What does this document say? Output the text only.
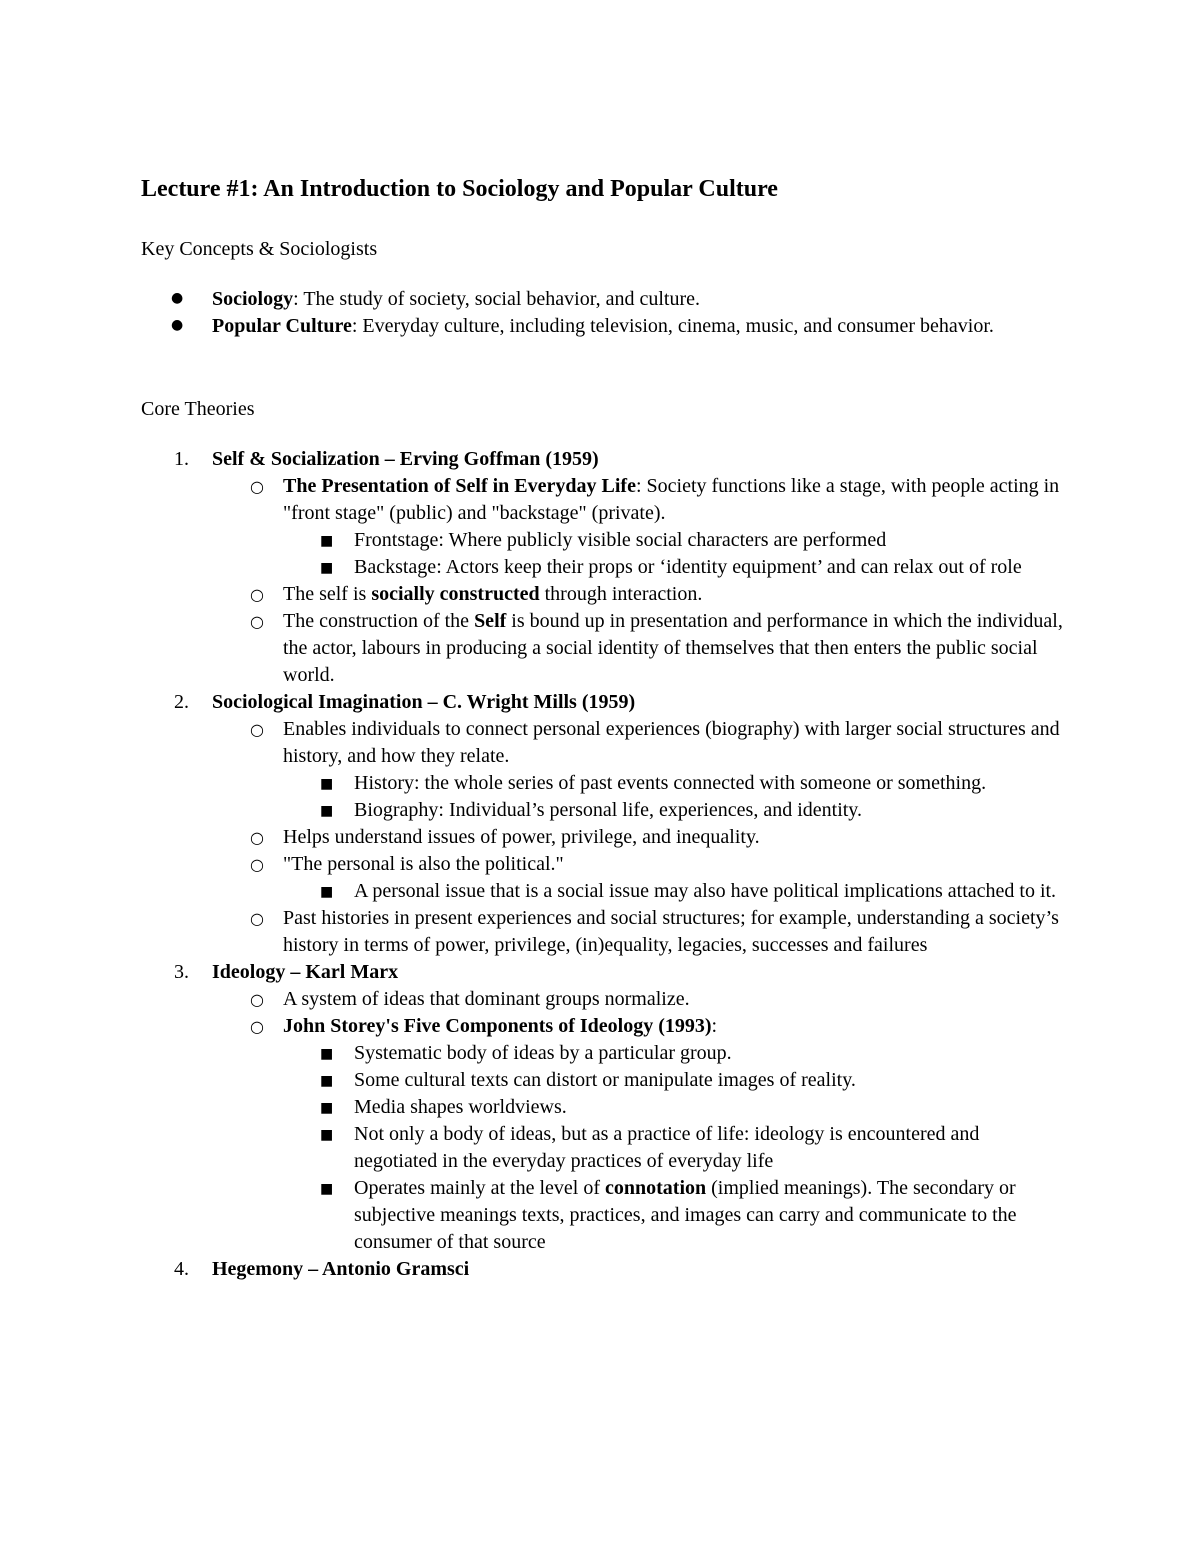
Lecture #1: An Introduction to Sociology and Popular Culture
Key Concepts & Sociologists
● Sociology: The study of society, social behavior, and culture.
● Popular Culture: Everyday culture, including television, cinema, music, and consumer behavior.
Core Theories
1. Self & Socialization – Erving Goffman (1959)
○ The Presentation of Self in Everyday Life: Society functions like a stage, with people acting in "front stage" (public) and "backstage" (private).
■ Frontstage: Where publicly visible social characters are performed
■ Backstage: Actors keep their props or ‘identity equipment’ and can relax out of role
○ The self is socially constructed through interaction.
○ The construction of the Self is bound up in presentation and performance in which the individual, the actor, labours in producing a social identity of themselves that then enters the public social world.
2. Sociological Imagination – C. Wright Mills (1959)
○ Enables individuals to connect personal experiences (biography) with larger social structures and history, and how they relate.
■ History: the whole series of past events connected with someone or something.
■ Biography: Individual’s personal life, experiences, and identity.
○ Helps understand issues of power, privilege, and inequality.
○ "The personal is also the political."
■ A personal issue that is a social issue may also have political implications attached to it.
○ Past histories in present experiences and social structures; for example, understanding a society’s history in terms of power, privilege, (in)equality, legacies, successes and failures
3. Ideology – Karl Marx
○ A system of ideas that dominant groups normalize.
○ John Storey's Five Components of Ideology (1993):
■ Systematic body of ideas by a particular group.
■ Some cultural texts can distort or manipulate images of reality.
■ Media shapes worldviews.
■ Not only a body of ideas, but as a practice of life: ideology is encountered and negotiated in the everyday practices of everyday life
■ Operates mainly at the level of connotation (implied meanings). The secondary or subjective meanings texts, practices, and images can carry and communicate to the consumer of that source
4. Hegemony – Antonio Gramsci
